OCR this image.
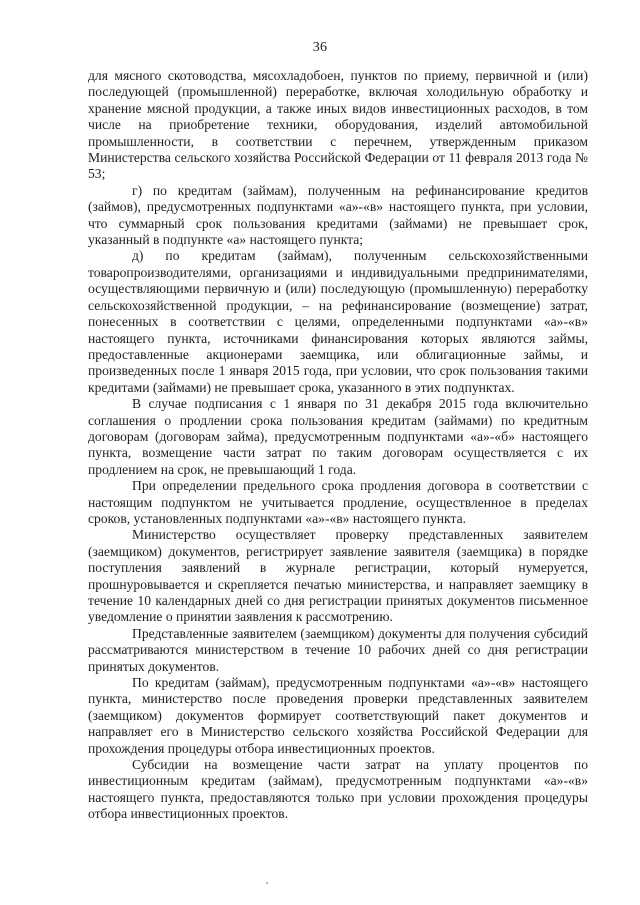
36

для мясного скотоводства, мясохладобоен, пунктов по приему, первичной и (или) последующей (промышленной) переработке, включая холодильную обработку и хранение мясной продукции, а также иных видов инвестиционных расходов, в том числе на приобретение техники, оборудования, изделий автомобильной промышленности, в соответствии с перечнем, утвержденным приказом Министерства сельского хозяйства Российской Федерации от 11 февраля 2013 года № 53;

г) по кредитам (займам), полученным на рефинансирование кредитов (займов), предусмотренных подпунктами «а»-«в» настоящего пункта, при условии, что суммарный срок пользования кредитами (займами) не превышает срок, указанный в подпункте «а» настоящего пункта;

д) по кредитам (займам), полученным сельскохозяйственными товаропроизводителями, организациями и индивидуальными предпринимателями, осуществляющими первичную и (или) последующую (промышленную) переработку сельскохозяйственной продукции, – на рефинансирование (возмещение) затрат, понесенных в соответствии с целями, определенными подпунктами «а»-«в» настоящего пункта, источниками финансирования которых являются займы, предоставленные акционерами заемщика, или облигационные займы, и произведенных после 1 января 2015 года, при условии, что срок пользования такими кредитами (займами) не превышает срока, указанного в этих подпунктах.

В случае подписания с 1 января по 31 декабря 2015 года включительно соглашения о продлении срока пользования кредитам (займами) по кредитным договорам (договорам займа), предусмотренным подпунктами «а»-«б» настоящего пункта, возмещение части затрат по таким договорам осуществляется с их продлением на срок, не превышающий 1 года.

При определении предельного срока продления договора в соответствии с настоящим подпунктом не учитывается продление, осуществленное в пределах сроков, установленных подпунктами «а»-«в» настоящего пункта.

Министерство осуществляет проверку представленных заявителем (заемщиком) документов, регистрирует заявление заявителя (заемщика) в порядке поступления заявлений в журнале регистрации, который нумеруется, прошнуровывается и скрепляется печатью министерства, и направляет заемщику в течение 10 календарных дней со дня регистрации принятых документов письменное уведомление о принятии заявления к рассмотрению.

Представленные заявителем (заемщиком) документы для получения субсидий рассматриваются министерством в течение 10 рабочих дней со дня регистрации принятых документов.

По кредитам (займам), предусмотренным подпунктами «а»-«в» настоящего пункта, министерство после проведения проверки представленных заявителем (заемщиком) документов формирует соответствующий пакет документов и направляет его в Министерство сельского хозяйства Российской Федерации для прохождения процедуры отбора инвестиционных проектов.

Субсидии на возмещение части затрат на уплату процентов по инвестиционным кредитам (займам), предусмотренным подпунктами «а»-«в» настоящего пункта, предоставляются только при условии прохождения процедуры отбора инвестиционных проектов.
